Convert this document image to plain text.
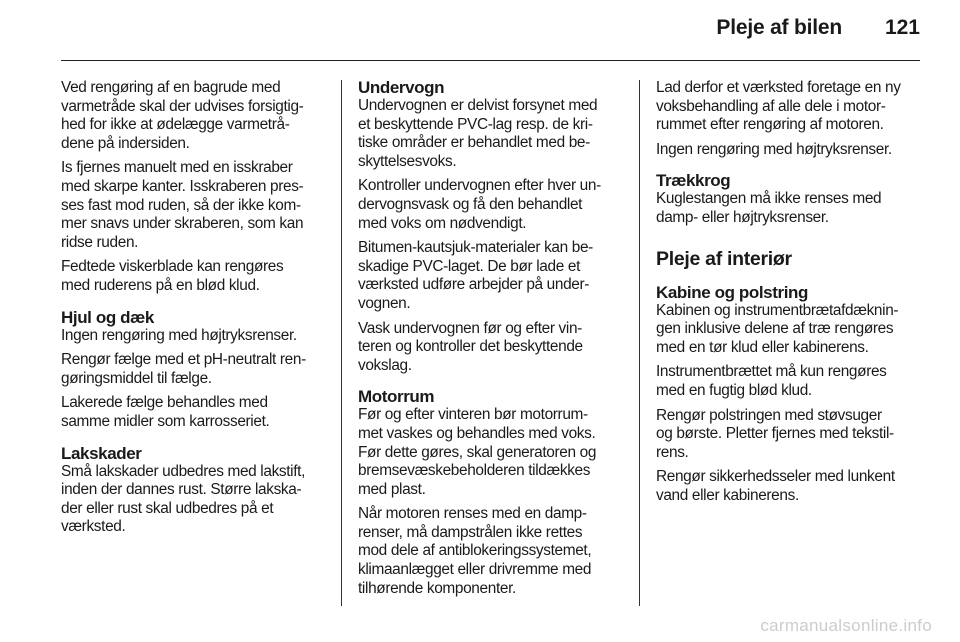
Pleje af bilen 121

Ved rengøring af en bagrude med
varmetråde skal der udvises forsigtig-
hed for ikke at ødelægge varmetrå-
dene på indersiden.

Is fjernes manuelt med en isskraber
med skarpe kanter. Isskraberen pres-
ses fast mod ruden, så der ikke kom-
mer snavs under skraberen, som kan
ridse ruden.

Fedtede viskerblade kan rengøres
med ruderens på en blød klud.

Hjul og dæk

Ingen rengøring med højtryksrenser.

Rengør fælge med et pH-neutralt ren-
gøringsmiddel til fælge.

Lakerede fælge behandles med
samme midler som karrosseriet.

Lakskader

Små lakskader udbedres med lakstift,
inden der dannes rust. Større lakska-
der eller rust skal udbedres på et
værksted.

Undervogn

Undervognen er delvist forsynet med
et beskyttende PVC-lag resp. de kri-
tiske områder er behandlet med be-
skyttelsesvoks.

Kontroller undervognen efter hver un-
dervognsvask og få den behandlet
med voks om nødvendigt.

Bitumen-kautsjuk-materialer kan be-
skadige PVC-laget. De bør lade et
værksted udføre arbejder på under-
vognen.

Vask undervognen før og efter vin-
teren og kontroller det beskyttende
vokslag.

Motorrum

Før og efter vinteren bør motorrum-
met vaskes og behandles med voks.
Før dette gøres, skal generatoren og
bremsevæskebeholderen tildækkes
med plast.

Når motoren renses med en damp-
renser, må dampstrålen ikke rettes
mod dele af antiblokeringssystemet,
klimaanlægget eller drivremme med
tilhørende komponenter.

Lad derfor et værksted foretage en ny
voksbehandling af alle dele i motor-
rummet efter rengøring af motoren.

Ingen rengøring med højtryksrenser.

Trækkrog

Kuglestangen må ikke renses med
damp- eller højtryksrenser.

Pleje af interiør
Kabine og polstring

Kabinen og instrumentbrætafdæknin-
gen inklusive delene af træ rengøres
med en tør klud eller kabinerens.

Instrumentbrættet må kun rengøres
med en fugtig blød klud.

Rengør polstringen med støvsuger
og børste. Pletter fjernes med tekstil-
rens.

Rengør sikkerhedsseler med lunkent
vand eller kabinerens.

carmanualsonline.info
